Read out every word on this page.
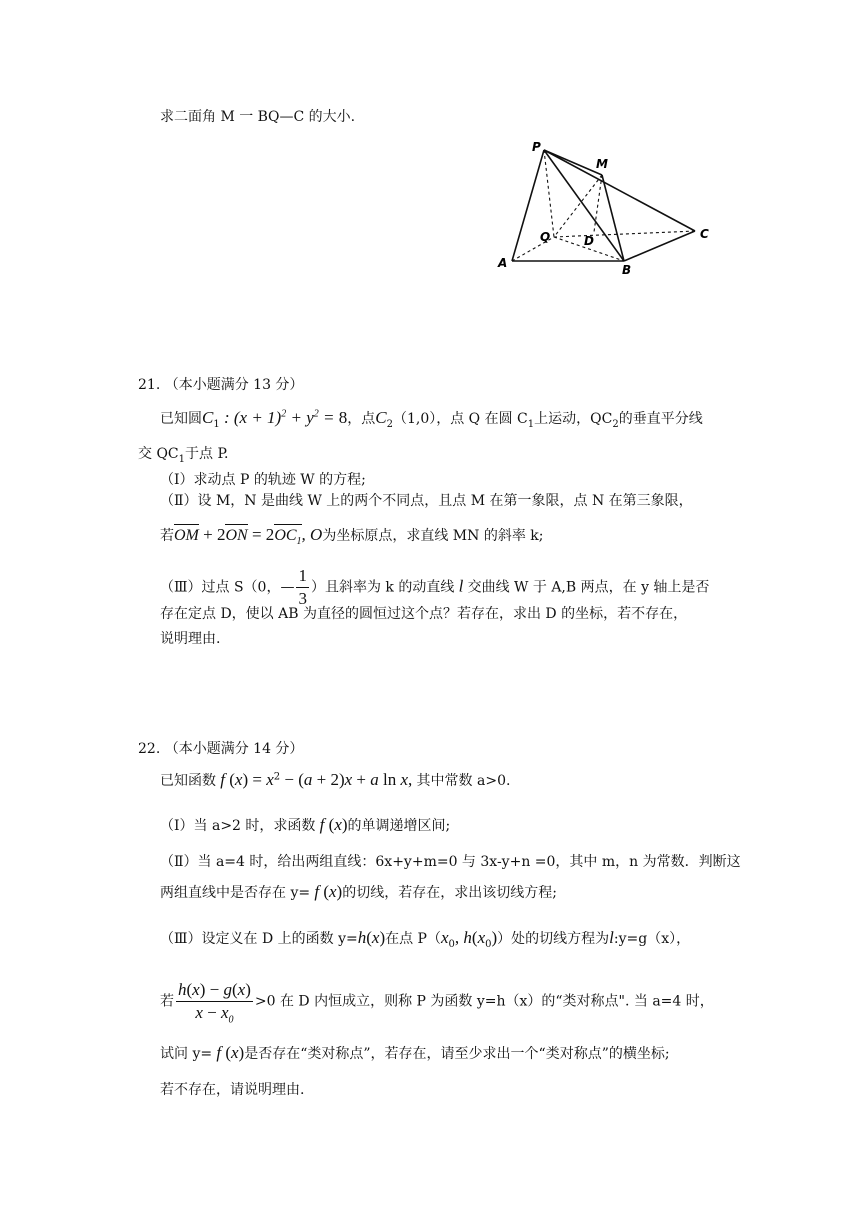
求二面角 M 一 BQ—C 的大小.
P
M
Q	D	C
A	B
21. （本小题满分 13 分）
已知圆$C_1$ : $(x + 1)^2 + y^2 = 8$，点$C_2(1,0)$，点 Q 在圆 $C_1$上运动，$QC_2$的垂直平分线
交 $QC_1$于点 P.
（I）求动点 P 的轨迹 W 的方程;
（Ⅱ）设 M，N 是曲线 W 上的两个不同点，且点 M 在第一象限，点 N 在第三象限，
若OM + $2ON = 2OC_1$, O为坐标原点，求直线 MN 的斜率 k;
（Ⅲ）过点 S（0，— $\frac{1}{3}$ ）且斜率为 k 的动直线 l 交曲线 W 于 A,B 两点，在 y 轴上是否
存在定点 D，使以 AB 为直径的圆恒过这个点？若存在，求出 D 的坐标，若不存在，
说明理由.
22. （本小题满分 14 分）
已知函数 f $(x) = x^2 - (a + 2)x + a$ ln x, 其中常数 a>0.
（I）当 a>2 时，求函数 f (x)的单调递增区间;
（Ⅱ）当 a=4 时，给出两组直线：6x+y+m=0 与 3x-y+n =0，其中 m，n 为常数．判断这
两组直线中是否存在 y= f (x)的切线，若存在，求出该切线方程;
（Ⅲ）设定义在 D 上的函数 y=h(x)在点 $P(x_0$, $h(x_0)$）处的切线方程为l:y=g（x），
若 $\frac{h(x) - g(x)}{x - x_0} >0$ 在 D 内恒成立，则称 P 为函数 y=h（x）的“类对称点". 当 a=4 时，
试问 y= f (x)是否存在“类对称点”，若存在，请至少求出一个“类对称点”的横坐标;
若不存在，请说明理由.
